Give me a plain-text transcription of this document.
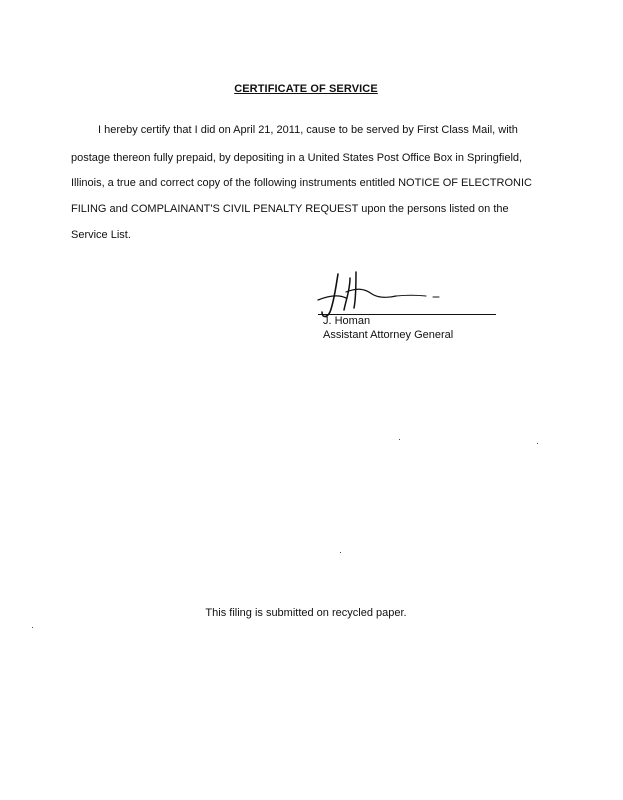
CERTIFICATE OF SERVICE
I hereby certify that I did on April 21, 2011, cause to be served by First Class Mail, with
postage thereon fully prepaid, by depositing in a United States Post Office Box in Springfield,
Illinois, a true and correct copy of the following instruments entitled NOTICE OF ELECTRONIC
FILING and COMPLAINANT'S CIVIL PENALTY REQUEST upon the persons listed on the
Service List.
J. Homan
Assistant Attorney General
This filing is submitted on recycled paper.
